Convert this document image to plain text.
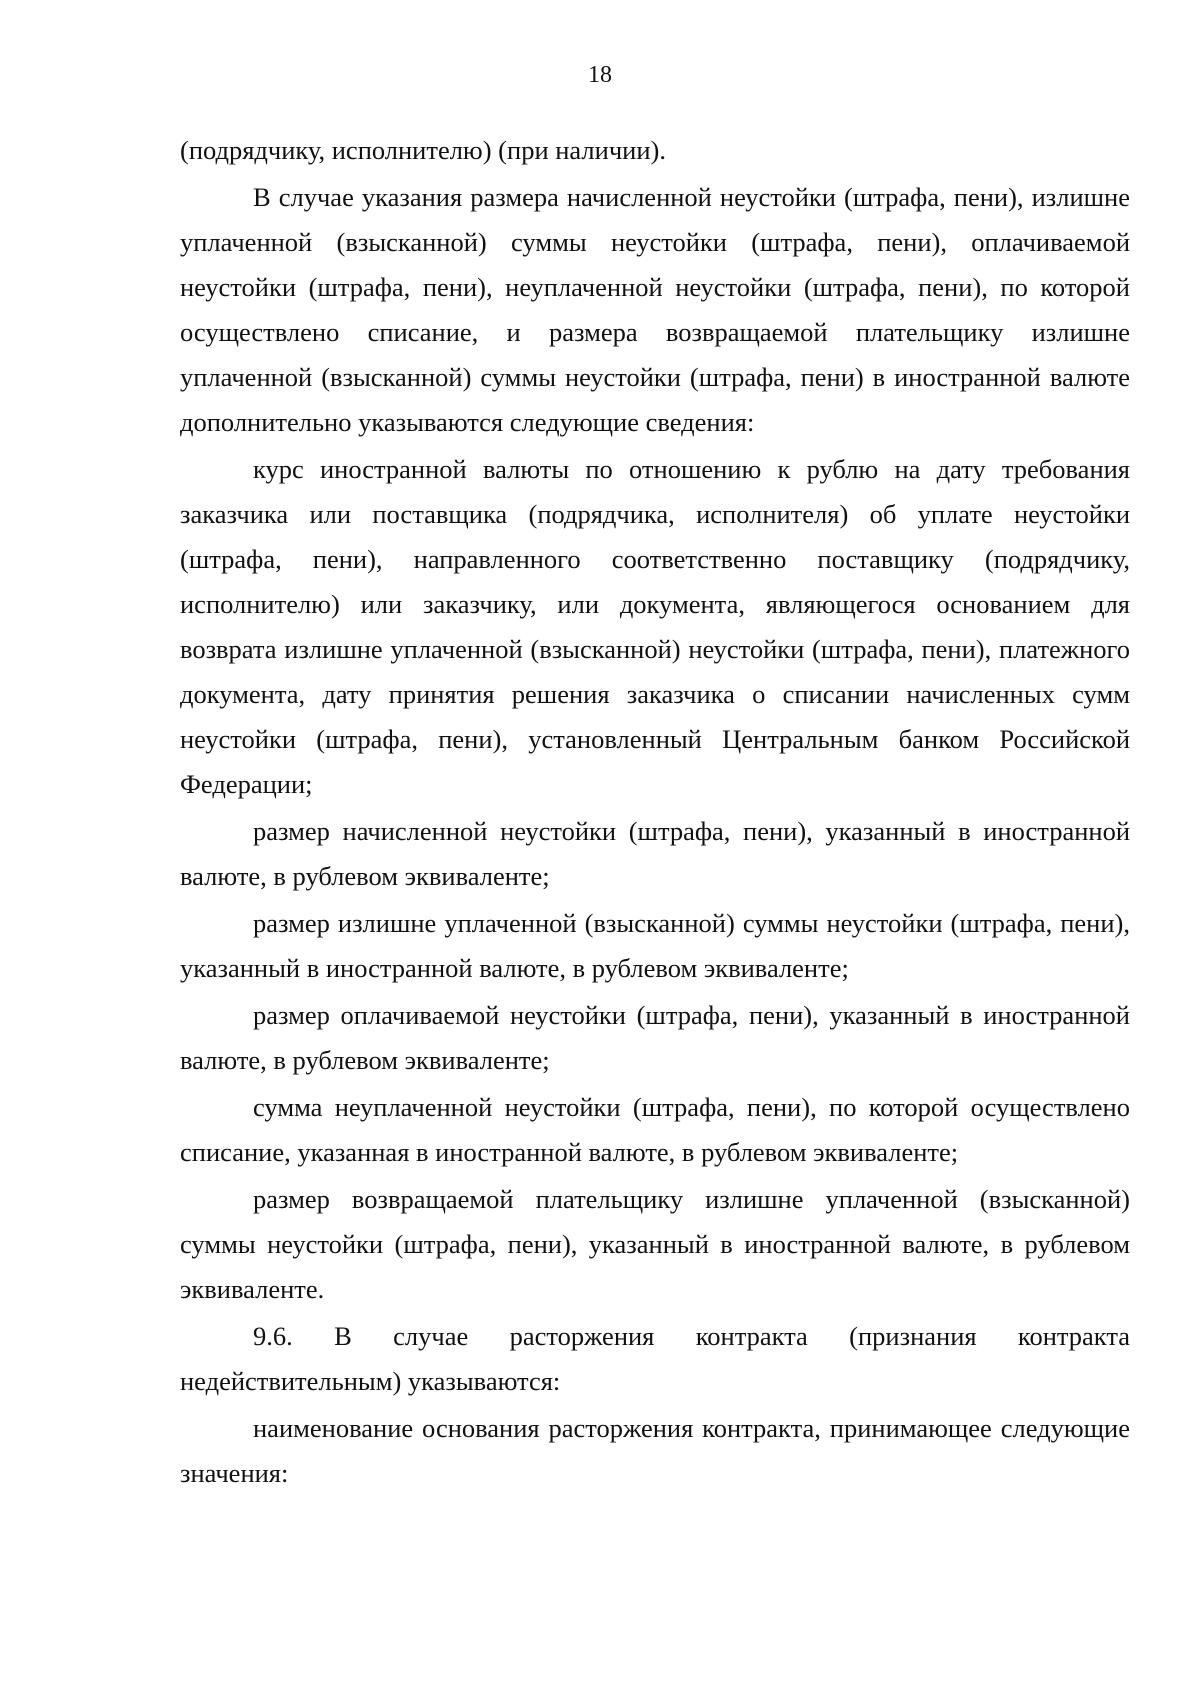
18

(подрядчику, исполнителю) (при наличии).

В случае указания размера начисленной неустойки (штрафа, пени), излишне уплаченной (взысканной) суммы неустойки (штрафа, пени), оплачиваемой неустойки (штрафа, пени), неуплаченной неустойки (штрафа, пени), по которой осуществлено списание, и размера возвращаемой плательщику излишне уплаченной (взысканной) суммы неустойки (штрафа, пени) в иностранной валюте дополнительно указываются следующие сведения:

курс иностранной валюты по отношению к рублю на дату требования заказчика или поставщика (подрядчика, исполнителя) об уплате неустойки (штрафа, пени), направленного соответственно поставщику (подрядчику, исполнителю) или заказчику, или документа, являющегося основанием для возврата излишне уплаченной (взысканной) неустойки (штрафа, пени), платежного документа, дату принятия решения заказчика о списании начисленных сумм неустойки (штрафа, пени), установленный Центральным банком Российской Федерации;

размер начисленной неустойки (штрафа, пени), указанный в иностранной валюте, в рублевом эквиваленте;

размер излишне уплаченной (взысканной) суммы неустойки (штрафа, пени), указанный в иностранной валюте, в рублевом эквиваленте;

размер оплачиваемой неустойки (штрафа, пени), указанный в иностранной валюте, в рублевом эквиваленте;

сумма неуплаченной неустойки (штрафа, пени), по которой осуществлено списание, указанная в иностранной валюте, в рублевом эквиваленте;

размер возвращаемой плательщику излишне уплаченной (взысканной) суммы неустойки (штрафа, пени), указанный в иностранной валюте, в рублевом эквиваленте.

9.6. В случае расторжения контракта (признания контракта недействительным) указываются:

наименование основания расторжения контракта, принимающее следующие значения:
